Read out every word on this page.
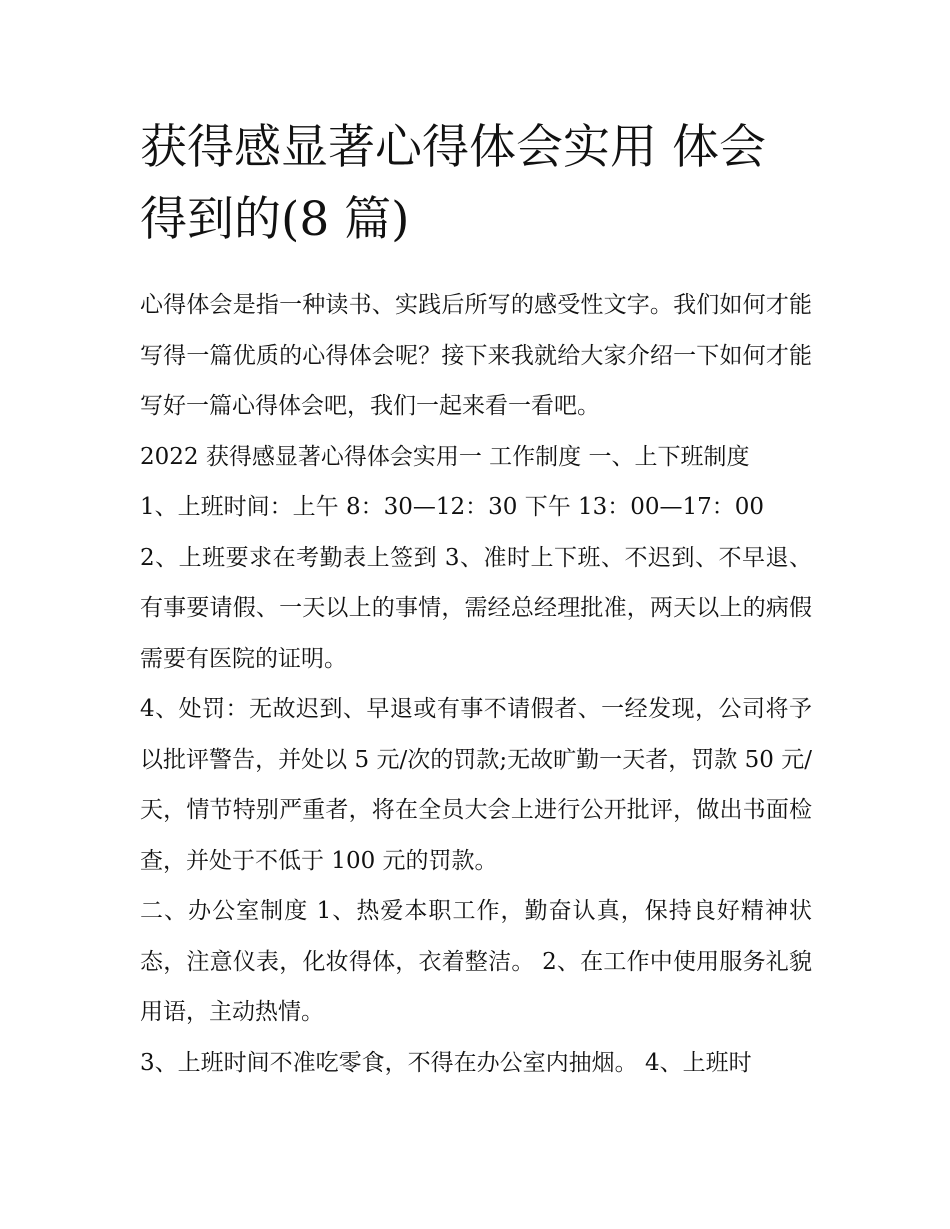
获得感显著心得体会实用 体会得到的(8 篇)

心得体会是指一种读书、实践后所写的感受性文字。我们如何才能写得一篇优质的心得体会呢？接下来我就给大家介绍一下如何才能写好一篇心得体会吧，我们一起来看一看吧。

2022 获得感显著心得体会实用一 工作制度 一、上下班制度

1、上班时间：上午 8：30—12：30 下午 13：00—17：00

2、上班要求在考勤表上签到 3、准时上下班、不迟到、不早退、有事要请假、一天以上的事情，需经总经理批准，两天以上的病假需要有医院的证明。

4、处罚：无故迟到、早退或有事不请假者、一经发现，公司将予以批评警告，并处以 5 元/次的罚款;无故旷勤一天者，罚款 50 元/天，情节特别严重者，将在全员大会上进行公开批评，做出书面检查，并处于不低于 100 元的罚款。

二、办公室制度 1、热爱本职工作，勤奋认真，保持良好精神状态，注意仪表，化妆得体，衣着整洁。 2、在工作中使用服务礼貌用语，主动热情。

3、上班时间不准吃零食，不得在办公室内抽烟。 4、上班时
